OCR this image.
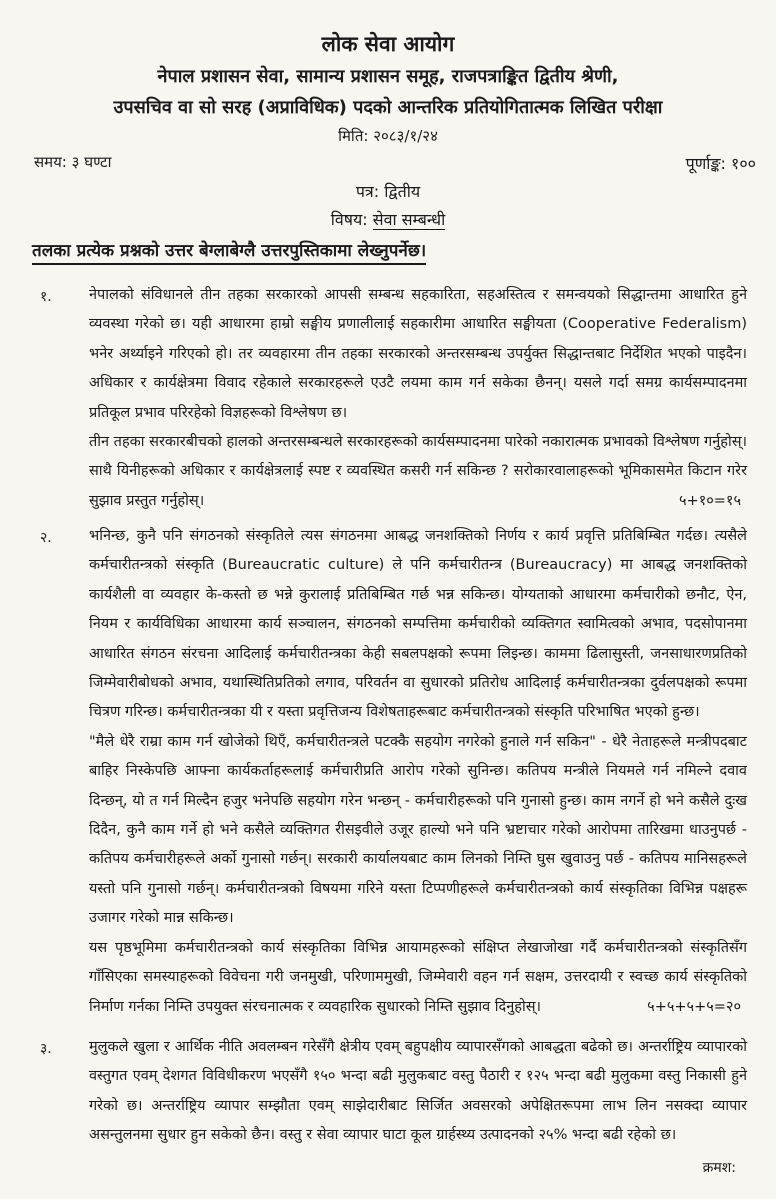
लोक सेवा आयोग
नेपाल प्रशासन सेवा, सामान्य प्रशासन समूह, राजपत्राङ्कित द्वितीय श्रेणी,
उपसचिव वा सो सरह (अप्राविधिक) पदको आन्तरिक प्रतियोगितात्मक लिखित परीक्षा
मिति: २०८३/१/२४
समय: ३ घण्टा	पूर्णाङ्क: १००
पत्र: द्वितीय
विषय: सेवा सम्बन्धी
तलका प्रत्येक प्रश्नको उत्तर बेग्लाबेग्लै उत्तरपुस्तिकामा लेख्नुपर्नेछ।
१.	नेपालको संविधानले तीन तहका सरकारको आपसी सम्बन्ध सहकारिता, सहअस्तित्व र समन्वयको सिद्धान्तमा आधारित हुने व्यवस्था गरेको छ। यही आधारमा हाम्रो सङ्घीय प्रणालीलाई सहकारीमा आधारित सङ्घीयता (Cooperative Federalism) भनेर अर्थ्याइने गरिएको हो। तर व्यवहारमा तीन तहका सरकारको अन्तरसम्बन्ध उपर्युक्त सिद्धान्तबाट निर्देशित भएको पाइदैन। अधिकार र कार्यक्षेत्रमा विवाद रहेकाले सरकारहरूले एउटै लयमा काम गर्न सकेका छैनन्। यसले गर्दा समग्र कार्यसम्पादनमा प्रतिकूल प्रभाव परिरहेको विज्ञहरूको विश्लेषण छ।

तीन तहका सरकारबीचको हालको अन्तरसम्बन्धले सरकारहरूको कार्यसम्पादनमा पारेको नकारात्मक प्रभावको विश्लेषण गर्नुहोस्। साथै यिनीहरूको अधिकार र कार्यक्षेत्रलाई स्पष्ट र व्यवस्थित कसरी गर्न सकिन्छ ? सरोकारवालाहरूको भूमिकासमेत किटान गरेर सुझाव प्रस्तुत गर्नुहोस्।	५+१०=१५
२.	भनिन्छ, कुनै पनि संगठनको संस्कृतिले त्यस संगठनमा आबद्ध जनशक्तिको निर्णय र कार्य प्रवृत्ति प्रतिबिम्बित गर्दछ। त्यसैले कर्मचारीतन्त्रको संस्कृति (Bureaucratic culture) ले पनि कर्मचारीतन्त्र (Bureaucracy) मा आबद्ध जनशक्तिको कार्यशैली वा व्यवहार के-कस्तो छ भन्ने कुरालाई प्रतिबिम्बित गर्छ भन्न सकिन्छ। योग्यताको आधारमा कर्मचारीको छनौट, ऐन, नियम र कार्यविधिका आधारमा कार्य सञ्चालन, संगठनको सम्पत्तिमा कर्मचारीको व्यक्तिगत स्वामित्वको अभाव, पदसोपानमा आधारित संगठन संरचना आदिलाई कर्मचारीतन्त्रका केही सबलपक्षको रूपमा लिइन्छ। काममा ढिलासुस्ती, जनसाधारणप्रतिको जिम्मेवारीबोधको अभाव, यथास्थितिप्रतिको लगाव, परिवर्तन वा सुधारको प्रतिरोध आदिलाई कर्मचारीतन्त्रका दुर्वलपक्षको रूपमा चित्रण गरिन्छ। कर्मचारीतन्त्रका यी र यस्ता प्रवृत्तिजन्य विशेषताहरूबाट कर्मचारीतन्त्रको संस्कृति परिभाषित भएको हुन्छ।

"मैले धेरै राम्रा काम गर्न खोजेको थिएँ, कर्मचारीतन्त्रले पटक्कै सहयोग नगरेको हुनाले गर्न सकिन" - धेरै नेताहरूले मन्त्रीपदबाट बाहिर निस्केपछि आफ्ना कार्यकर्ताहरूलाई कर्मचारीप्रति आरोप गरेको सुनिन्छ। कतिपय मन्त्रीले नियमले गर्न नमिल्ने दवाव दिन्छन्, यो त गर्न मिल्दैन हजुर भनेपछि सहयोग गरेन भन्छन् - कर्मचारीहरूको पनि गुनासो हुन्छ। काम नगर्ने हो भने कसैले दुःख दिदैन, कुनै काम गर्ने हो भने कसैले व्यक्तिगत रीसइवीले उजूर हाल्यो भने पनि भ्रष्टाचार गरेको आरोपमा तारिखमा धाउनुपर्छ - कतिपय कर्मचारीहरूले अर्को गुनासो गर्छन्। सरकारी कार्यालयबाट काम लिनको निम्ति घुस खुवाउनु पर्छ - कतिपय मानिसहरूले यस्तो पनि गुनासो गर्छन्। कर्मचारीतन्त्रको विषयमा गरिने यस्ता टिप्पणीहरूले कर्मचारीतन्त्रको कार्य संस्कृतिका विभिन्न पक्षहरू उजागर गरेको मान्न सकिन्छ।

यस पृष्ठभूमिमा कर्मचारीतन्त्रको कार्य संस्कृतिका विभिन्न आयामहरूको संक्षिप्त लेखाजोखा गर्दै कर्मचारीतन्त्रको संस्कृतिसँग गाँसिएका समस्याहरूको विवेचना गरी जनमुखी, परिणाममुखी, जिम्मेवारी वहन गर्न सक्षम, उत्तरदायी र स्वच्छ कार्य संस्कृतिको निर्माण गर्नका निम्ति उपयुक्त संरचनात्मक र व्यवहारिक सुधारको निम्ति सुझाव दिनुहोस्।	५+५+५+५=२०
३.	मुलुकले खुला र आर्थिक नीति अवलम्बन गरेसँगै क्षेत्रीय एवम् बहुपक्षीय व्यापारसँगको आबद्धता बढेको छ। अन्तर्राष्ट्रिय व्यापारको वस्तुगत एवम् देशगत विविधीकरण भएसँगै १५० भन्दा बढी मुलुकबाट वस्तु पैठारी र १२५ भन्दा बढी मुलुकमा वस्तु निकासी हुने गरेको छ। अन्तर्राष्ट्रिय व्यापार सम्झौता एवम् साझेदारीबाट सिर्जित अवसरको अपेक्षितरूपमा लाभ लिन नसक्दा व्यापार असन्तुलनमा सुधार हुन सकेको छैन। वस्तु र सेवा व्यापार घाटा कूल ग्रार्हस्थ्य उत्पादनको २५% भन्दा बढी रहेको छ।

क्रमश:
